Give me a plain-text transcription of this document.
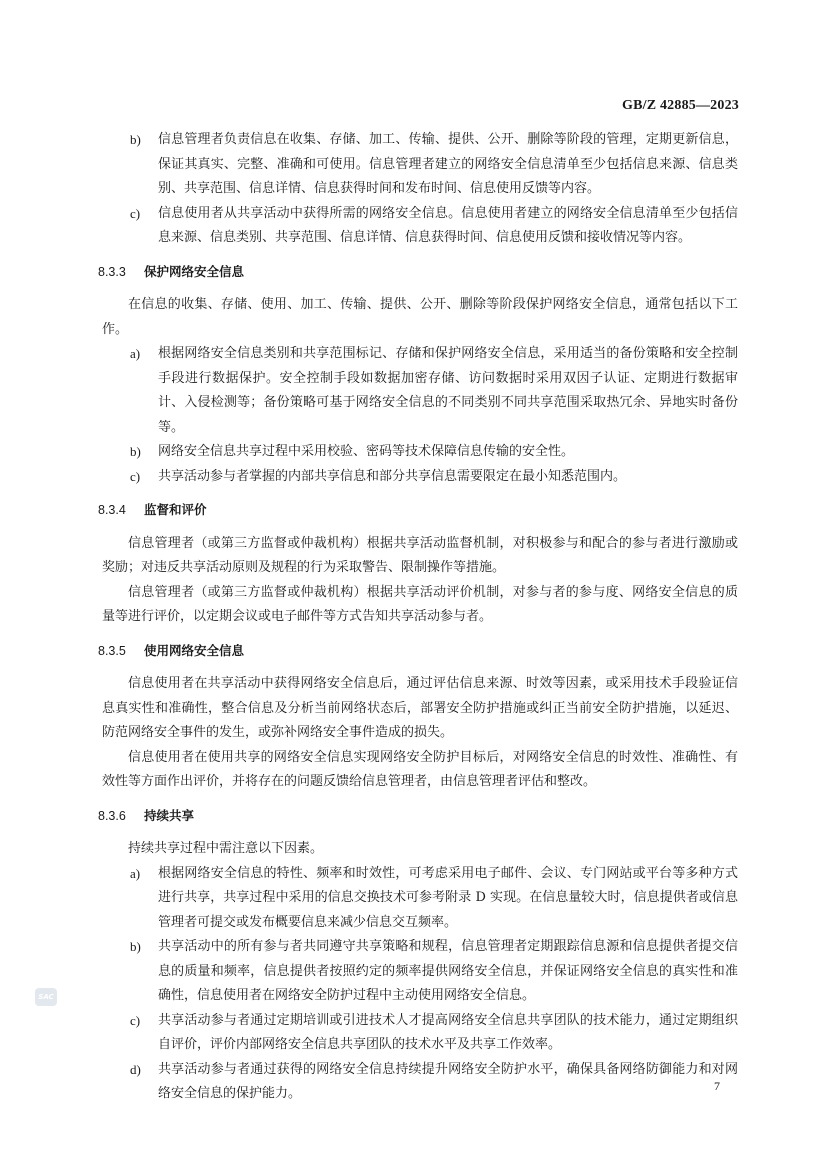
GB/Z 42885—2023
b)	信息管理者负责信息在收集、存储、加工、传输、提供、公开、删除等阶段的管理，定期更新信息，保证其真实、完整、准确和可使用。信息管理者建立的网络安全信息清单至少包括信息来源、信息类别、共享范围、信息详情、信息获得时间和发布时间、信息使用反馈等内容。
c)	信息使用者从共享活动中获得所需的网络安全信息。信息使用者建立的网络安全信息清单至少包括信息来源、信息类别、共享范围、信息详情、信息获得时间、信息使用反馈和接收情况等内容。
8.3.3	保护网络安全信息
在信息的收集、存储、使用、加工、传输、提供、公开、删除等阶段保护网络安全信息，通常包括以下工作。
a)	根据网络安全信息类别和共享范围标记、存储和保护网络安全信息，采用适当的备份策略和安全控制手段进行数据保护。安全控制手段如数据加密存储、访问数据时采用双因子认证、定期进行数据审计、入侵检测等；备份策略可基于网络安全信息的不同类别不同共享范围采取热冗余、异地实时备份等。
b)	网络安全信息共享过程中采用校验、密码等技术保障信息传输的安全性。
c)	共享活动参与者掌握的内部共享信息和部分共享信息需要限定在最小知悉范围内。
8.3.4	监督和评价
信息管理者（或第三方监督或仲裁机构）根据共享活动监督机制，对积极参与和配合的参与者进行激励或奖励；对违反共享活动原则及规程的行为采取警告、限制操作等措施。
信息管理者（或第三方监督或仲裁机构）根据共享活动评价机制，对参与者的参与度、网络安全信息的质量等进行评价，以定期会议或电子邮件等方式告知共享活动参与者。
8.3.5	使用网络安全信息
信息使用者在共享活动中获得网络安全信息后，通过评估信息来源、时效等因素，或采用技术手段验证信息真实性和准确性，整合信息及分析当前网络状态后，部署安全防护措施或纠正当前安全防护措施，以延迟、防范网络安全事件的发生，或弥补网络安全事件造成的损失。
信息使用者在使用共享的网络安全信息实现网络安全防护目标后，对网络安全信息的时效性、准确性、有效性等方面作出评价，并将存在的问题反馈给信息管理者，由信息管理者评估和整改。
8.3.6	持续共享
持续共享过程中需注意以下因素。
a)	根据网络安全信息的特性、频率和时效性，可考虑采用电子邮件、会议、专门网站或平台等多种方式进行共享，共享过程中采用的信息交换技术可参考附录 D 实现。在信息量较大时，信息提供者或信息管理者可提交或发布概要信息来减少信息交互频率。
b)	共享活动中的所有参与者共同遵守共享策略和规程，信息管理者定期跟踪信息源和信息提供者提交信息的质量和频率，信息提供者按照约定的频率提供网络安全信息，并保证网络安全信息的真实性和准确性，信息使用者在网络安全防护过程中主动使用网络安全信息。
c)	共享活动参与者通过定期培训或引进技术人才提高网络安全信息共享团队的技术能力，通过定期组织自评价，评价内部网络安全信息共享团队的技术水平及共享工作效率。
d)	共享活动参与者通过获得的网络安全信息持续提升网络安全防护水平，确保具备网络防御能力和对网络安全信息的保护能力。
SAC
7
